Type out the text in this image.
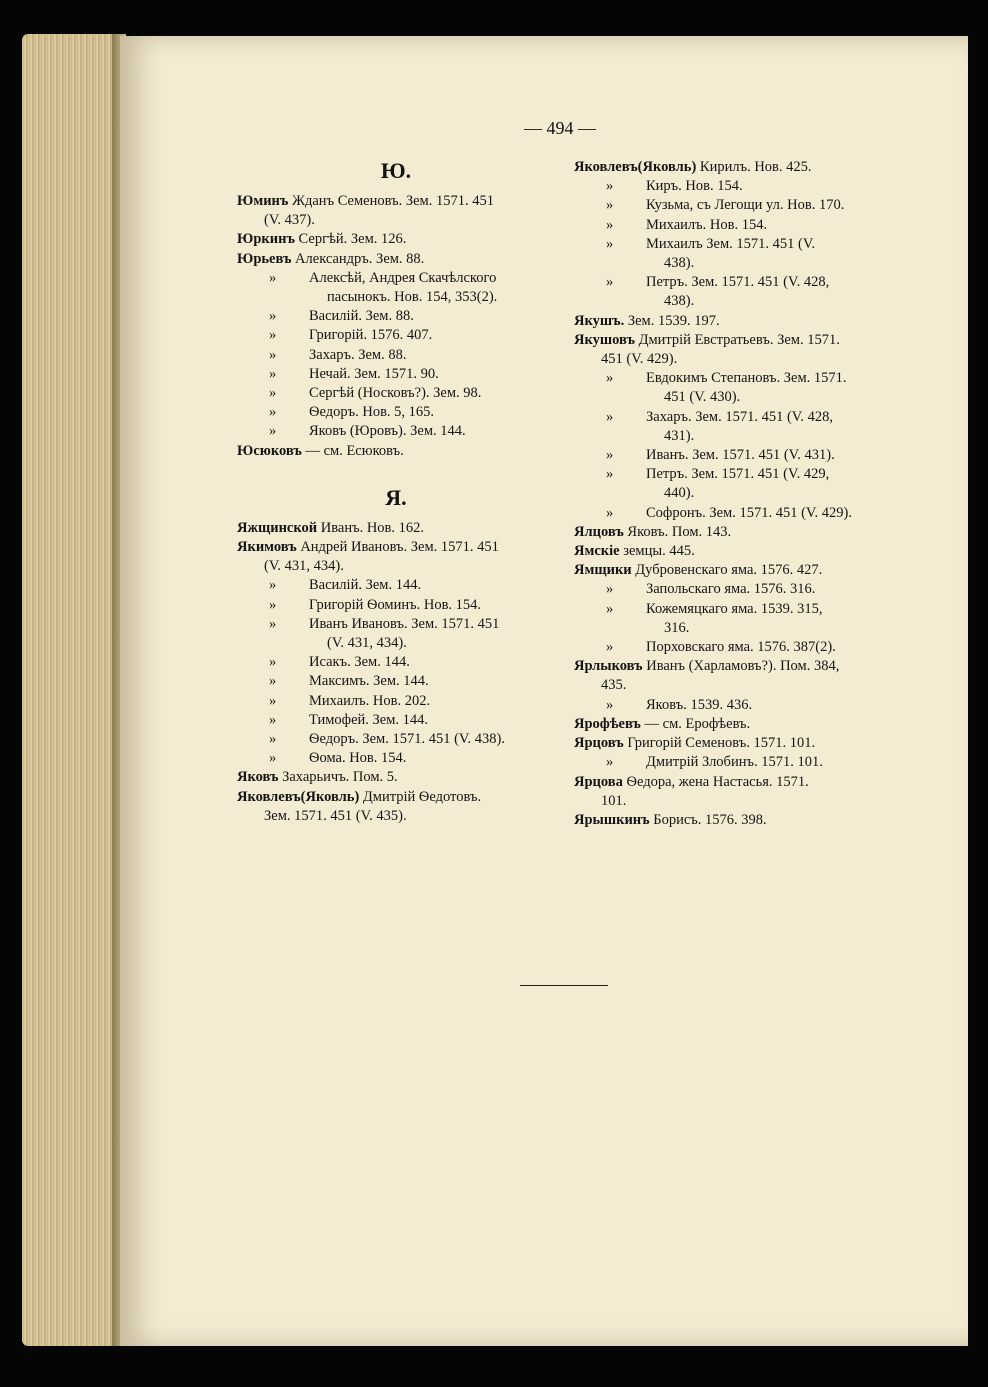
— 494 —
Ю.
Юминъ Жданъ Семеновъ. Зем. 1571. 451
(V. 437).
Юркинъ Сергѣй. Зем. 126.
Юрьевъ Александръ. Зем. 88.
» Алексѣй, Андрея Скачѣлского
пасынокъ. Нов. 154, 353(2).
» Василій. Зем. 88.
» Григорій. 1576. 407.
» Захаръ. Зем. 88.
» Нечай. Зем. 1571. 90.
» Сергѣй (Носковъ?). Зем. 98.
» Ѳедоръ. Нов. 5, 165.
» Яковъ (Юровъ). Зем. 144.
Юсюковъ — см. Есюковъ.
Я.
Яжщинской Иванъ. Нов. 162.
Якимовъ Андрей Ивановъ. Зем. 1571. 451
(V. 431, 434).
» Василій. Зем. 144.
» Григорій Ѳоминъ. Нов. 154.
» Иванъ Ивановъ. Зем. 1571. 451
(V. 431, 434).
» Исакъ. Зем. 144.
» Максимъ. Зем. 144.
» Михаилъ. Нов. 202.
» Тимофей. Зем. 144.
» Ѳедоръ. Зем. 1571. 451 (V. 438).
» Ѳома. Нов. 154.
Яковъ Захарьичъ. Пом. 5.
Яковлевъ(Яковль) Дмитрій Ѳедотовъ.
Зем. 1571. 451 (V. 435).
Яковлевъ(Яковль) Кирилъ. Нов. 425.
» Киръ. Нов. 154.
» Кузьма, съ Легощи ул. Нов. 170.
» Михаилъ. Нов. 154.
» Михаилъ Зем. 1571. 451 (V.
438).
» Петръ. Зем. 1571. 451 (V. 428,
438).
Якушъ. Зем. 1539. 197.
Якушовъ Дмитрій Евстратьевъ. Зем. 1571.
451 (V. 429).
» Евдокимъ Степановъ. Зем. 1571.
451 (V. 430).
» Захаръ. Зем. 1571. 451 (V. 428,
431).
» Иванъ. Зем. 1571. 451 (V. 431).
» Петръ. Зем. 1571. 451 (V. 429,
440).
» Софронъ. Зем. 1571. 451 (V. 429).
Ялцовъ Яковъ. Пом. 143.
Ямскіе земцы. 445.
Ямщики Дубровенскаго яма. 1576. 427.
» Запольскаго яма. 1576. 316.
» Кожемяцкаго яма. 1539. 315,
316.
» Порховскаго яма. 1576. 387(2).
Ярлыковъ Иванъ (Харламовъ?). Пом. 384,
435.
» Яковъ. 1539. 436.
Ярофѣевъ — см. Ерофѣевъ.
Ярцовъ Григорій Семеновъ. 1571. 101.
» Дмитрій Злобинъ. 1571. 101.
Ярцова Ѳедора, жена Настасья. 1571.
101.
Ярышкинъ Борисъ. 1576. 398.
